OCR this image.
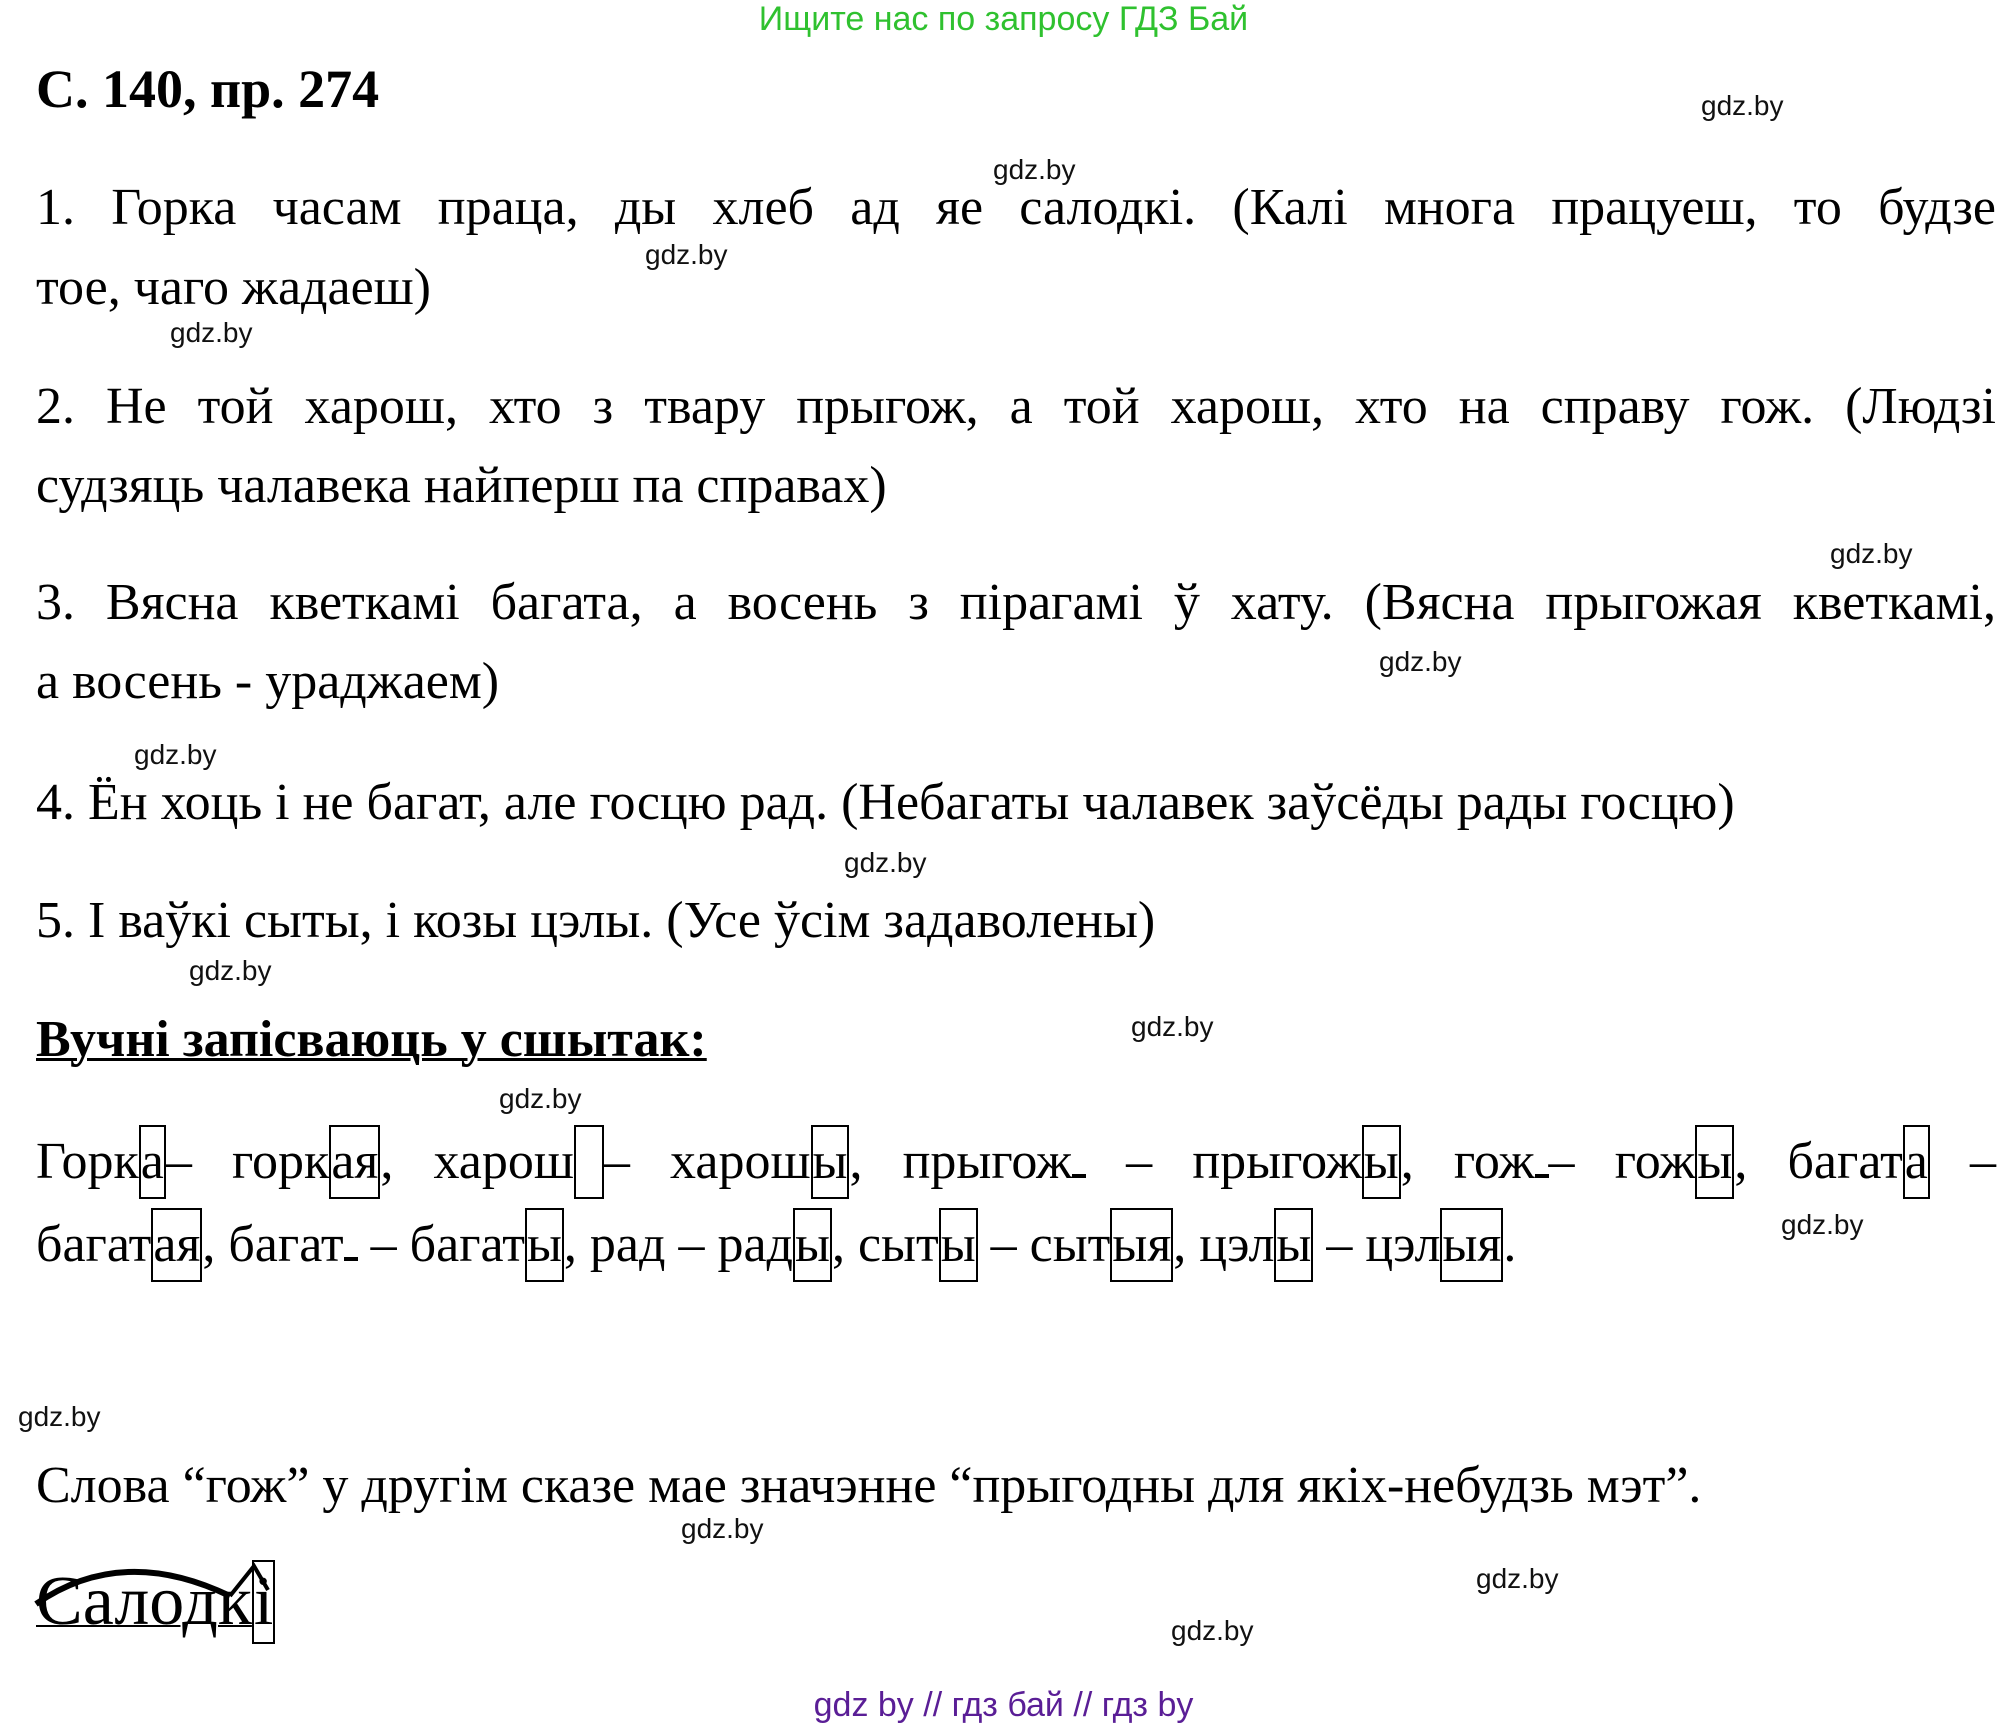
Ищите нас по запросу ГДЗ Бай
С. 140, пр. 274
1. Горка часам праца, ды хлеб ад яе салодкі. (Калі многа працуеш, то будзе
тое, чаго жадаеш)
2. Не той харош, хто з твару прыгож, а той харош, хто на справу гож. (Людзі
судзяць чалавека найперш па справах)
3. Вясна кветкамі багата, а восень з пірагамі ў хату. (Вясна прыгожая кветкамі,
а восень - ураджаем)
4. Ён хоць і не багат, але госцю рад. (Небагаты чалавек заўсёды рады госцю)
5. І ваўкі сыты, і козы цэлы. (Усе ўсім задаволены)
Вучні запісваюць у сшытак:
Горка– горкая, харош  – харошы, прыгож – прыгожы, гож – гожы, багата –
багатая, багат – багаты, рад – рады, сыты – сытыя, цэлы – цэлыя.
Слова “гож” у другім сказе мае значэнне “прыгодны для якіх-небудзь мэт”.
Салодкі
gdz.by
gdz.by
gdz.by
gdz.by
gdz.by
gdz.by
gdz.by
gdz.by
gdz.by
gdz.by
gdz.by
gdz.by
gdz.by
gdz.by
gdz.by
gdz.by
gdz by // гдз бай // гдз by
